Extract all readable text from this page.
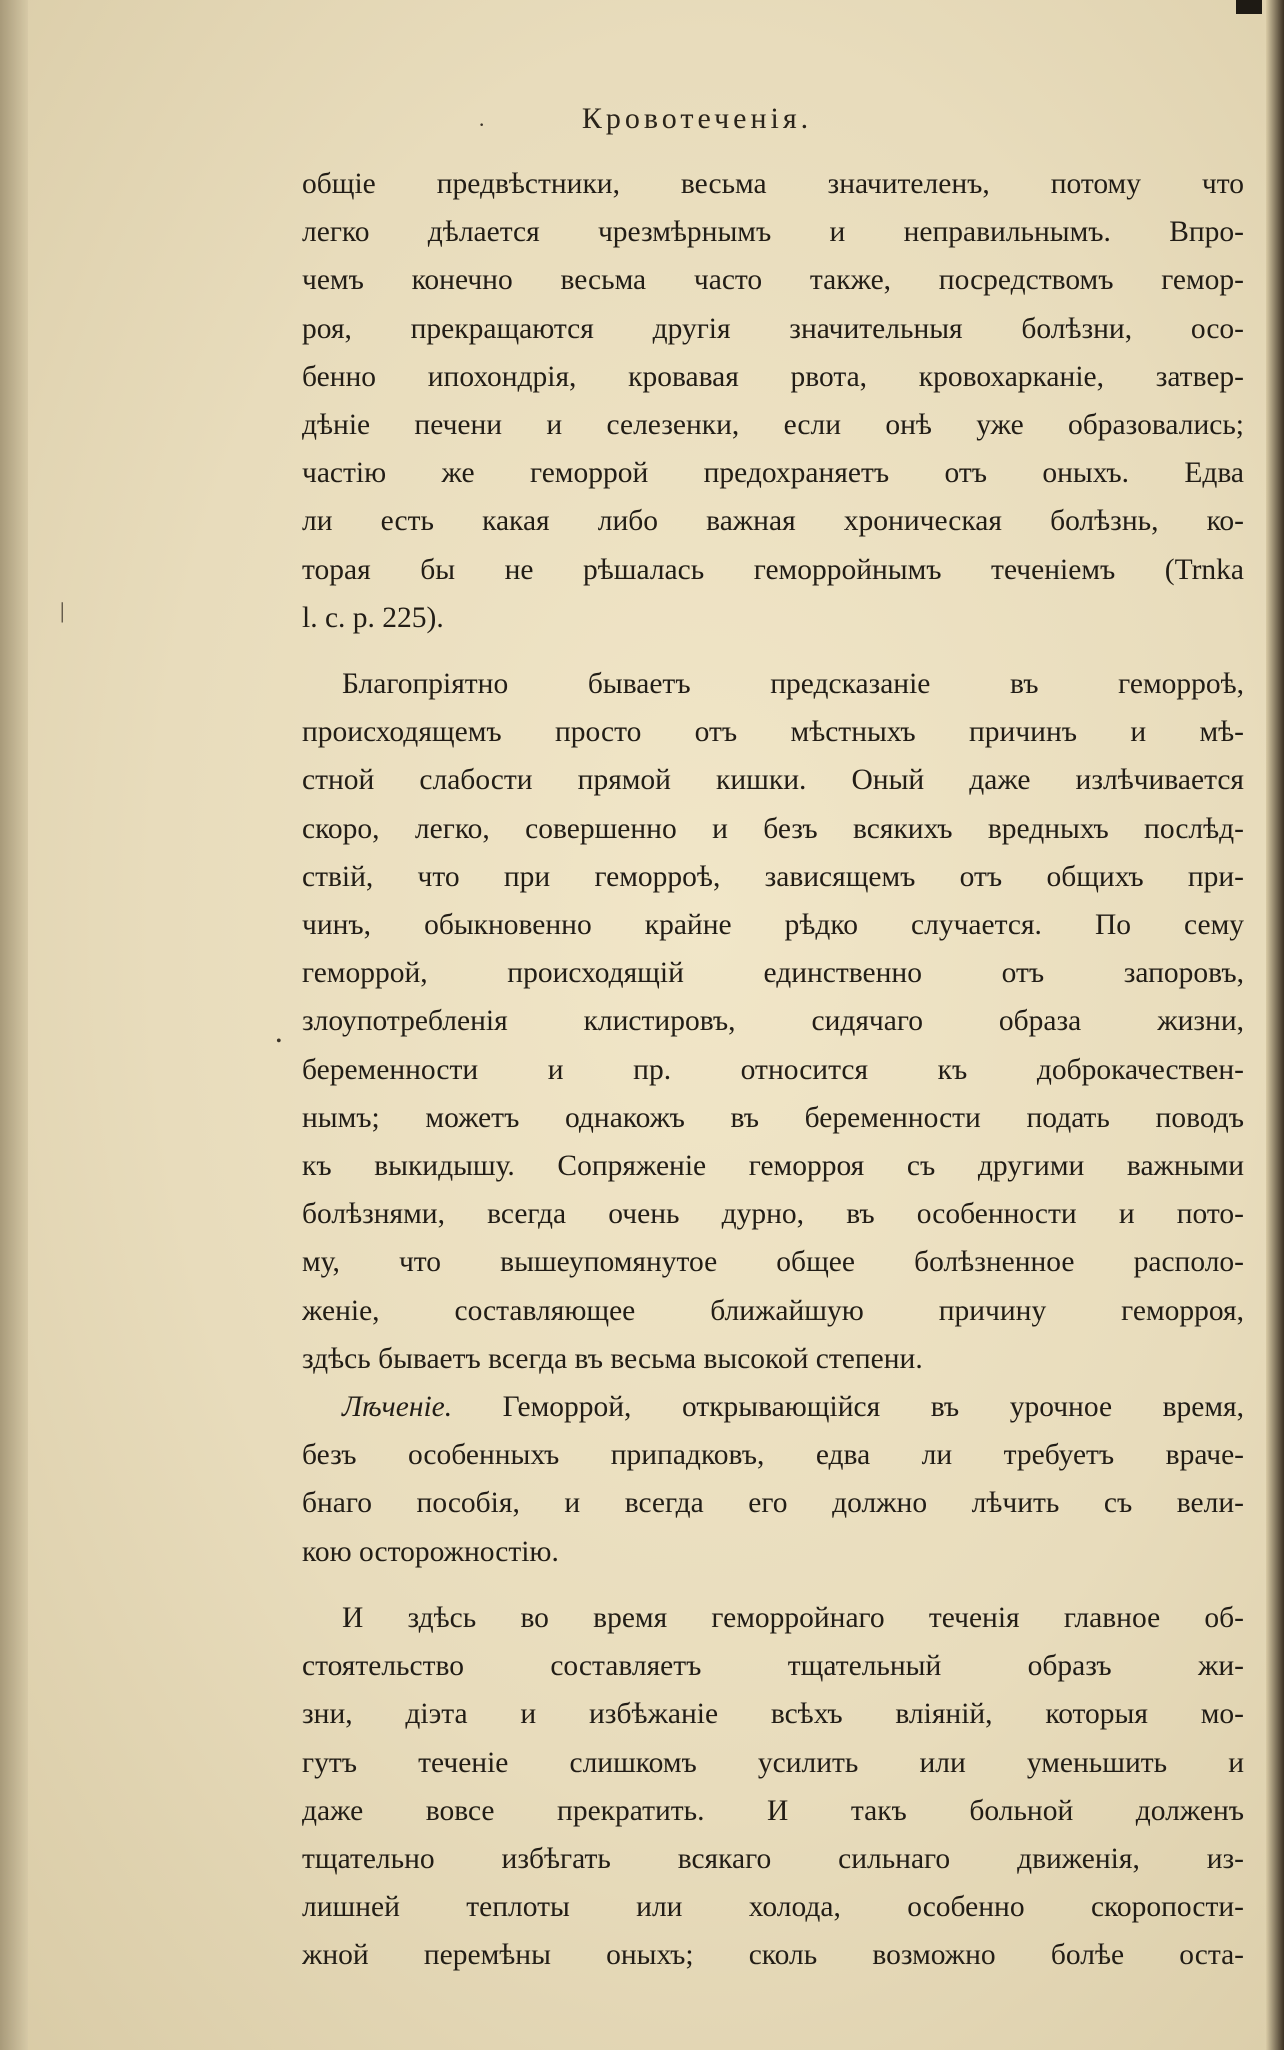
|
·
•
Кровотеченія.
общіе предвѣстники, весьма значителенъ, потому что
легко дѣлается чрезмѣрнымъ и неправильнымъ. Впро-
чемъ конечно весьма часто также, посредствомъ гемор-
роя, прекращаются другія значительныя болѣзни, осо-
бенно ипохондрія, кровавая рвота, кровохарканіе, затвер-
дѣніе печени и селезенки, если онѣ уже образовались;
частію же геморрой предохраняетъ отъ оныхъ. Едва
ли есть какая либо важная хроническая болѣзнь, ко-
торая бы не рѣшалась геморройнымъ теченіемъ (Trnka
l. c. p. 225).
Благопріятно бываетъ предсказаніе въ геморроѣ,
происходящемъ просто отъ мѣстныхъ причинъ и мѣ-
стной слабости прямой кишки. Оный даже излѣчивается
скоро, легко, совершенно и безъ всякихъ вредныхъ послѣд-
ствій, что при геморроѣ, зависящемъ отъ общихъ при-
чинъ, обыкновенно крайне рѣдко случается. По сему
геморрой, происходящій единственно отъ запоровъ,
злоупотребленія клистировъ, сидячаго образа жизни,
беременности и пр. относится къ доброкачествен-
нымъ; можетъ однакожъ въ беременности подать поводъ
къ выкидышу. Сопряженіе геморроя съ другими важными
болѣзнями, всегда очень дурно, въ особенности и пото-
му, что вышеупомянутое общее болѣзненное располо-
женіе, составляющее ближайшую причину геморроя,
здѣсь бываетъ всегда въ весьма высокой степени.
Лѣченіе. Геморрой, открывающійся въ урочное время,
безъ особенныхъ припадковъ, едва ли требуетъ враче-
бнаго пособія, и всегда его должно лѣчить съ вели-
кою осторожностію.
И здѣсь во время геморройнаго теченія главное об-
стоятельство составляетъ тщательный образъ жи-
зни, діэта и избѣжаніе всѣхъ вліяній, которыя мо-
гутъ теченіе слишкомъ усилить или уменьшить и
даже вовсе прекратить. И такъ больной долженъ
тщательно избѣгать всякаго сильнаго движенія, из-
лишней теплоты или холода, особенно скоропости-
жной перемѣны оныхъ; сколь возможно болѣе оста-
